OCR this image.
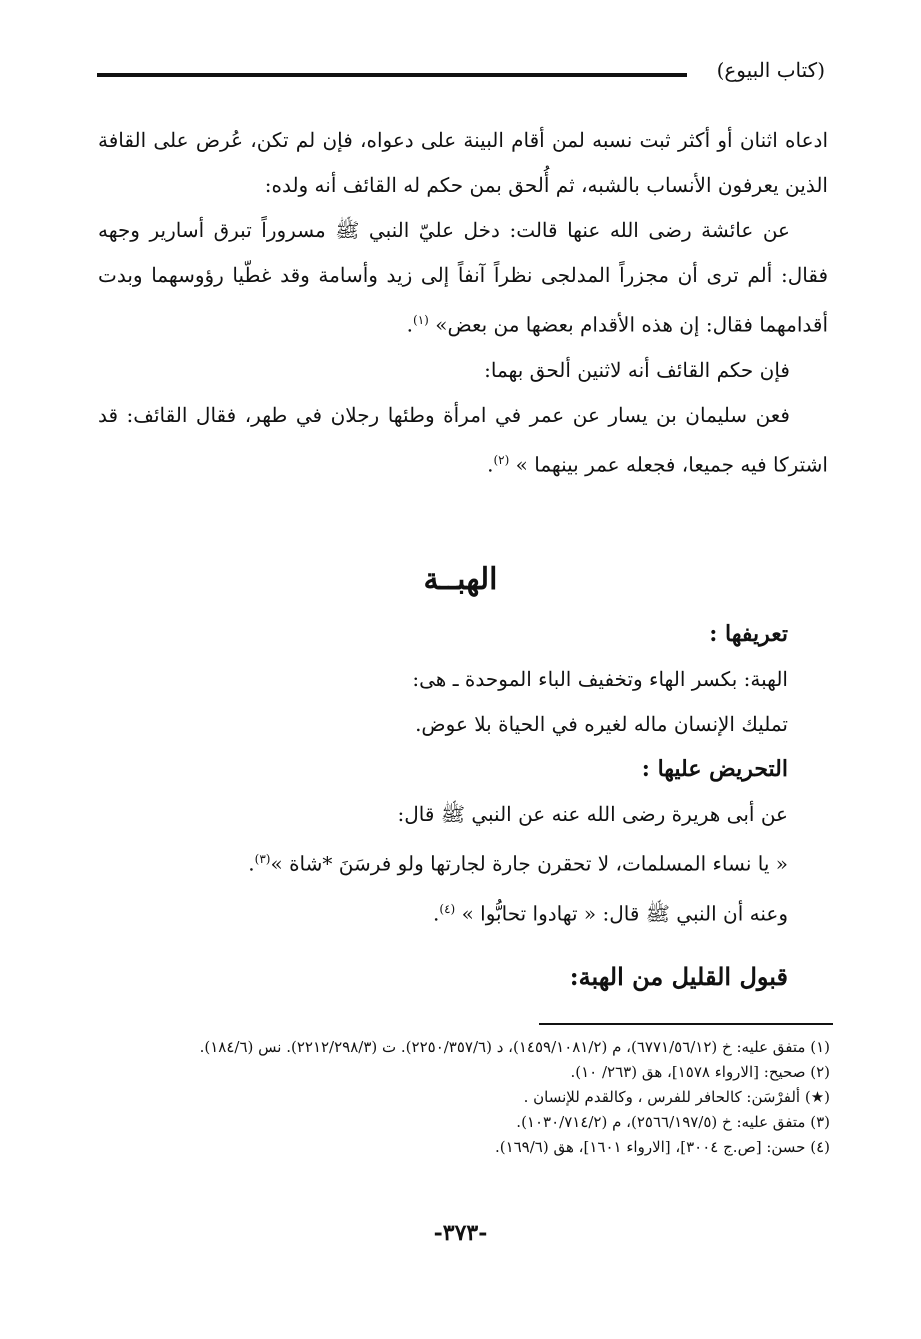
(كتاب البيوع)

ادعاه اثنان أو أكثر ثبت نسبه لمن أقام البينة على دعواه، فإن لم تكن، عُرض على القافة الذين يعرفون الأنساب بالشبه، ثم أُلحق بمن حكم له القائف أنه ولده:

عن عائشة رضى الله عنها قالت: دخل عليّ النبي ﷺ مسروراً تبرق أسارير وجهه فقال: ألم ترى أن مجزراً المدلجى نظراً آنفاً إلى زيد وأسامة وقد غطّيا رؤوسهما وبدت أقدامهما فقال: إن هذه الأقدام بعضها من بعض» $^{(١)}$.

فإن حكم القائف أنه لاثنين ألحق بهما:

فعن سليمان بن يسار عن عمر في امرأة وطئها رجلان في طهر، فقال القائف: قد اشتركا فيه جميعا، فجعله عمر بينهما » $^{(٢)}$.

الهبــة
تعريفها :
الهبة: بكسر الهاء وتخفيف الباء الموحدة ـ هى:
تمليك الإنسان ماله لغيره في الحياة بلا عوض.
التحريض عليها :
عن أبى هريرة رضى الله عنه عن النبي ﷺ قال:
« يا نساء المسلمات، لا تحقرن جارة لجارتها ولو فرسَنَ *شاة »$^{(٣)}$.
وعنه أن النبي ﷺ قال: « تهادوا تحابُّوا » $^{(٤)}$.
قبول القليل من الهبة:

(١) متفق عليه: خ (٦٧٧١/٥٦/١٢)، م (١٤٥٩/١٠٨١/٢)، د (٢٢٥٠/٣٥٧/٦). ت (٢٢١٢/٢٩٨/٣). نس (١٨٤/٦).

(٢) صحيح: [الارواء ١٥٧٨]، هق (٢٦٣/ ١٠).

(★) ألفرْسَن: كالحافر للفرس ، وكالقدم للإنسان .

(٣) متفق عليه: خ (٢٥٦٦/١٩٧/٥)، م (١٠٣٠/٧١٤/٢).

(٤) حسن: [ص.ج ٣٠٠٤]، [الارواء ١٦٠١]، هق (١٦٩/٦).

-٣٧٣-
